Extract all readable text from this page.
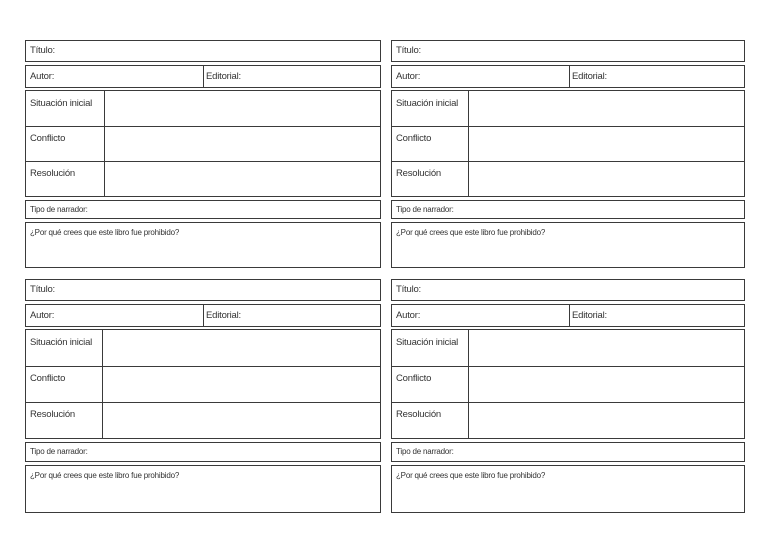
Título:
Autor:	Editorial:
Situación inicial
Conflicto
Resolución
Tipo de narrador:
¿Por qué crees que este libro fue prohibido?
Título:
Autor:	Editorial:
Situación inicial
Conflicto
Resolución
Tipo de narrador:
¿Por qué crees que este libro fue prohibido?
Título:
Autor:	Editorial:
Situación inicial
Conflicto
Resolución
Tipo de narrador:
¿Por qué crees que este libro fue prohibido?
Título:
Autor:	Editorial:
Situación inicial
Conflicto
Resolución
Tipo de narrador:
¿Por qué crees que este libro fue prohibido?
